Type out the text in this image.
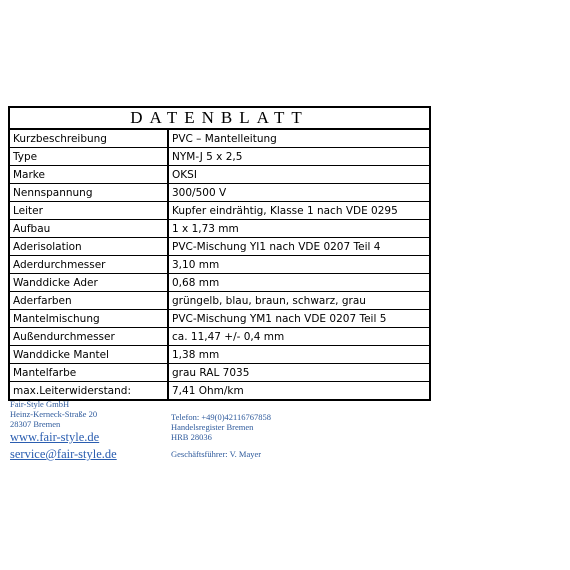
DATENBLATT
Kurzbeschreibung	PVC – Mantelleitung
Type	NYM-J 5 x 2,5
Marke	OKSI
Nennspannung	300/500 V
Leiter	Kupfer eindrähtig, Klasse 1 nach VDE 0295
Aufbau	1 x 1,73 mm
Aderisolation	PVC-Mischung YI1 nach VDE 0207 Teil 4
Aderdurchmesser	3,10 mm
Wanddicke Ader	0,68 mm
Aderfarben	grüngelb, blau, braun, schwarz, grau
Mantelmischung	PVC-Mischung YM1 nach VDE 0207 Teil 5
Außendurchmesser	ca. 11,47 +/- 0,4 mm
Wanddicke Mantel	1,38 mm
Mantelfarbe	grau RAL 7035
max.Leiterwiderstand:	7,41 Ohm/km
Fair-Style GmbH
Heinz-Kerneck-Straße 20
28307 Bremen
www.fair-style.de
service@fair-style.de
Telefon: +49(0)42116767858
Handelsregister Bremen
HRB 28036
Geschäftsführer: V. Mayer
